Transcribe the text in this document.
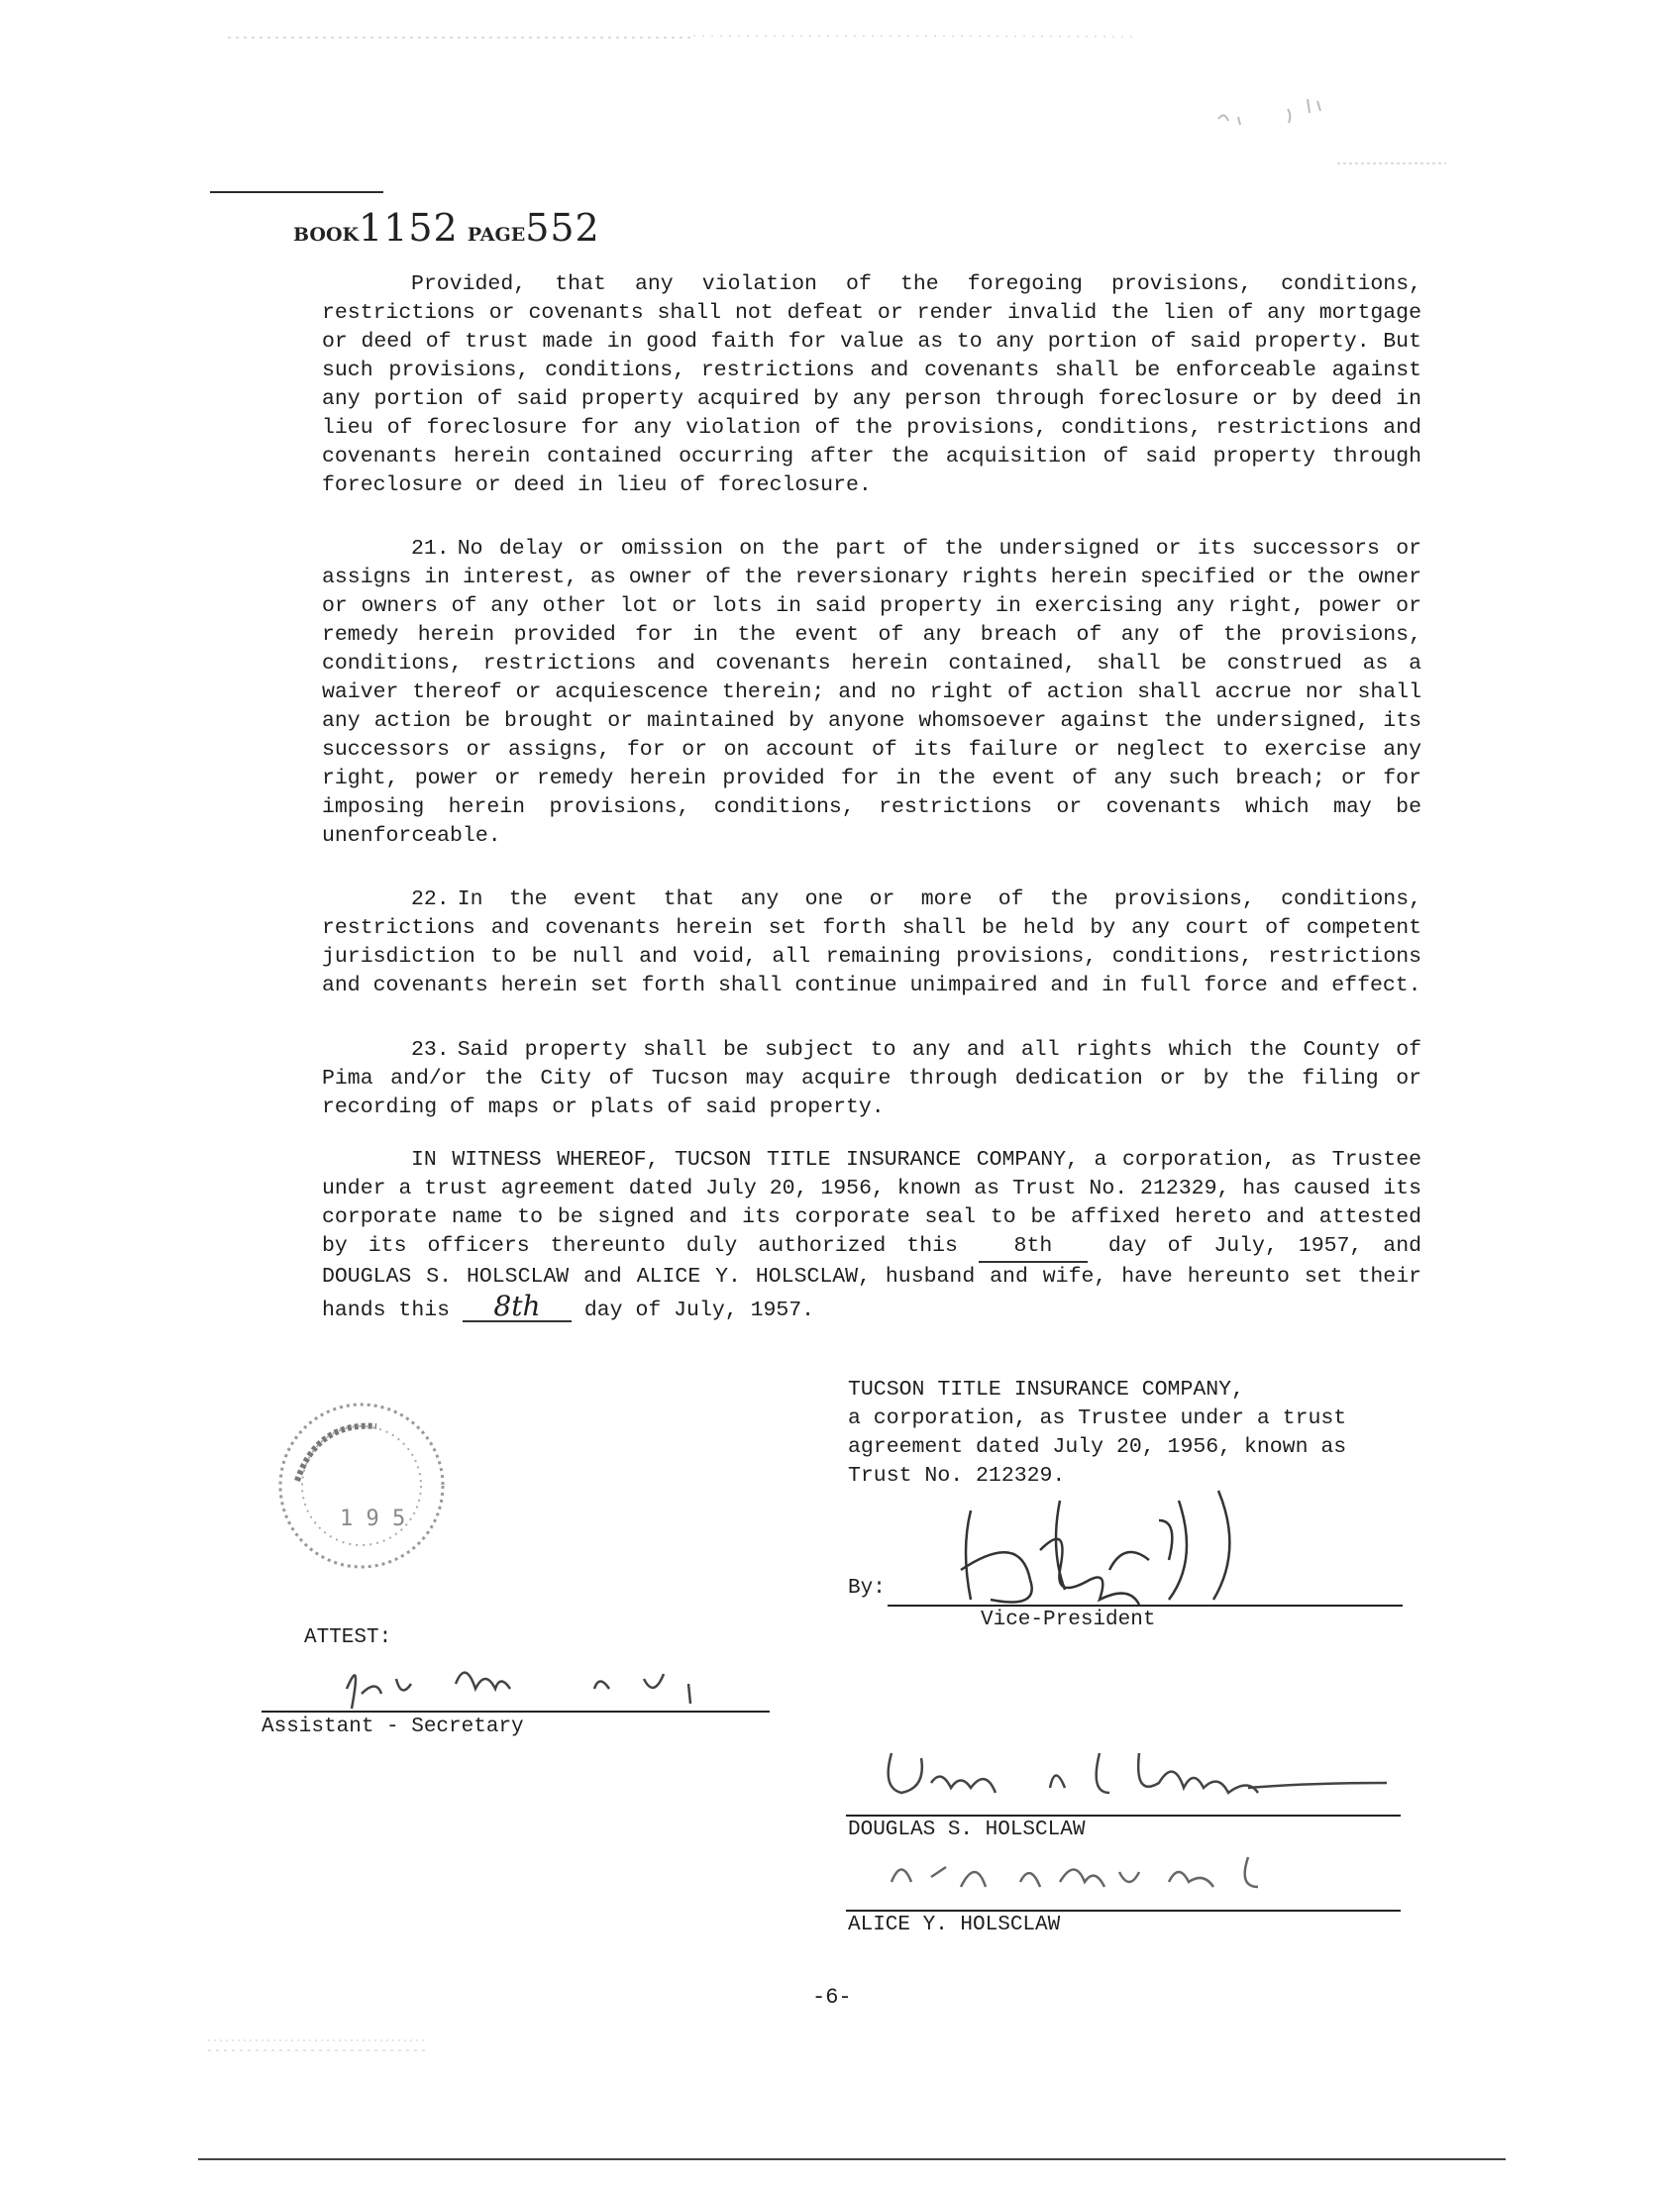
BOOK1152 PAGE552

Provided, that any violation of the foregoing provisions, conditions, restrictions or covenants shall not defeat or render invalid the lien of any mortgage or deed of trust made in good faith for value as to any portion of said property. But such provisions, conditions, restrictions and covenants shall be enforceable against any portion of said property acquired by any person through foreclosure or by deed in lieu of foreclosure for any violation of the provisions, conditions, restrictions and covenants herein contained occurring after the acquisition of said property through foreclosure or deed in lieu of foreclosure.

21. No delay or omission on the part of the undersigned or its successors or assigns in interest, as owner of the reversionary rights herein specified or the owner or owners of any other lot or lots in said property in exercising any right, power or remedy herein provided for in the event of any breach of any of the provisions, conditions, restrictions and covenants herein contained, shall be construed as a waiver thereof or acquiescence therein; and no right of action shall accrue nor shall any action be brought or maintained by anyone whomsoever against the undersigned, its successors or assigns, for or on account of its failure or neglect to exercise any right, power or remedy herein provided for in the event of any such breach; or for imposing herein provisions, conditions, restrictions or covenants which may be unenforceable.

22. In the event that any one or more of the provisions, conditions, restrictions and covenants herein set forth shall be held by any court of competent jurisdiction to be null and void, all remaining provisions, conditions, restrictions and covenants herein set forth shall continue unimpaired and in full force and effect.

23. Said property shall be subject to any and all rights which the County of Pima and/or the City of Tucson may acquire through dedication or by the filing or recording of maps or plats of said property.

IN WITNESS WHEREOF, TUCSON TITLE INSURANCE COMPANY, a corporation, as Trustee under a trust agreement dated July 20, 1956, known as Trust No. 212329, has caused its corporate name to be signed and its corporate seal to be affixed hereto and attested by its officers thereunto duly authorized this	8th	day of July, 1957, and DOUGLAS S. HOLSCLAW and ALICE Y. HOLSCLAW, husband and wife, have hereunto set their hands this 8th day of July, 1957.

TUCSON TITLE INSURANCE COMPANY,
a corporation, as Trustee under a trust
agreement dated July 20, 1956, known as
Trust No. 212329.
By:
Vice-President
1 9 5
ATTEST:
Assistant - Secretary
DOUGLAS S. HOLSCLAW
ALICE Y. HOLSCLAW
-6-
